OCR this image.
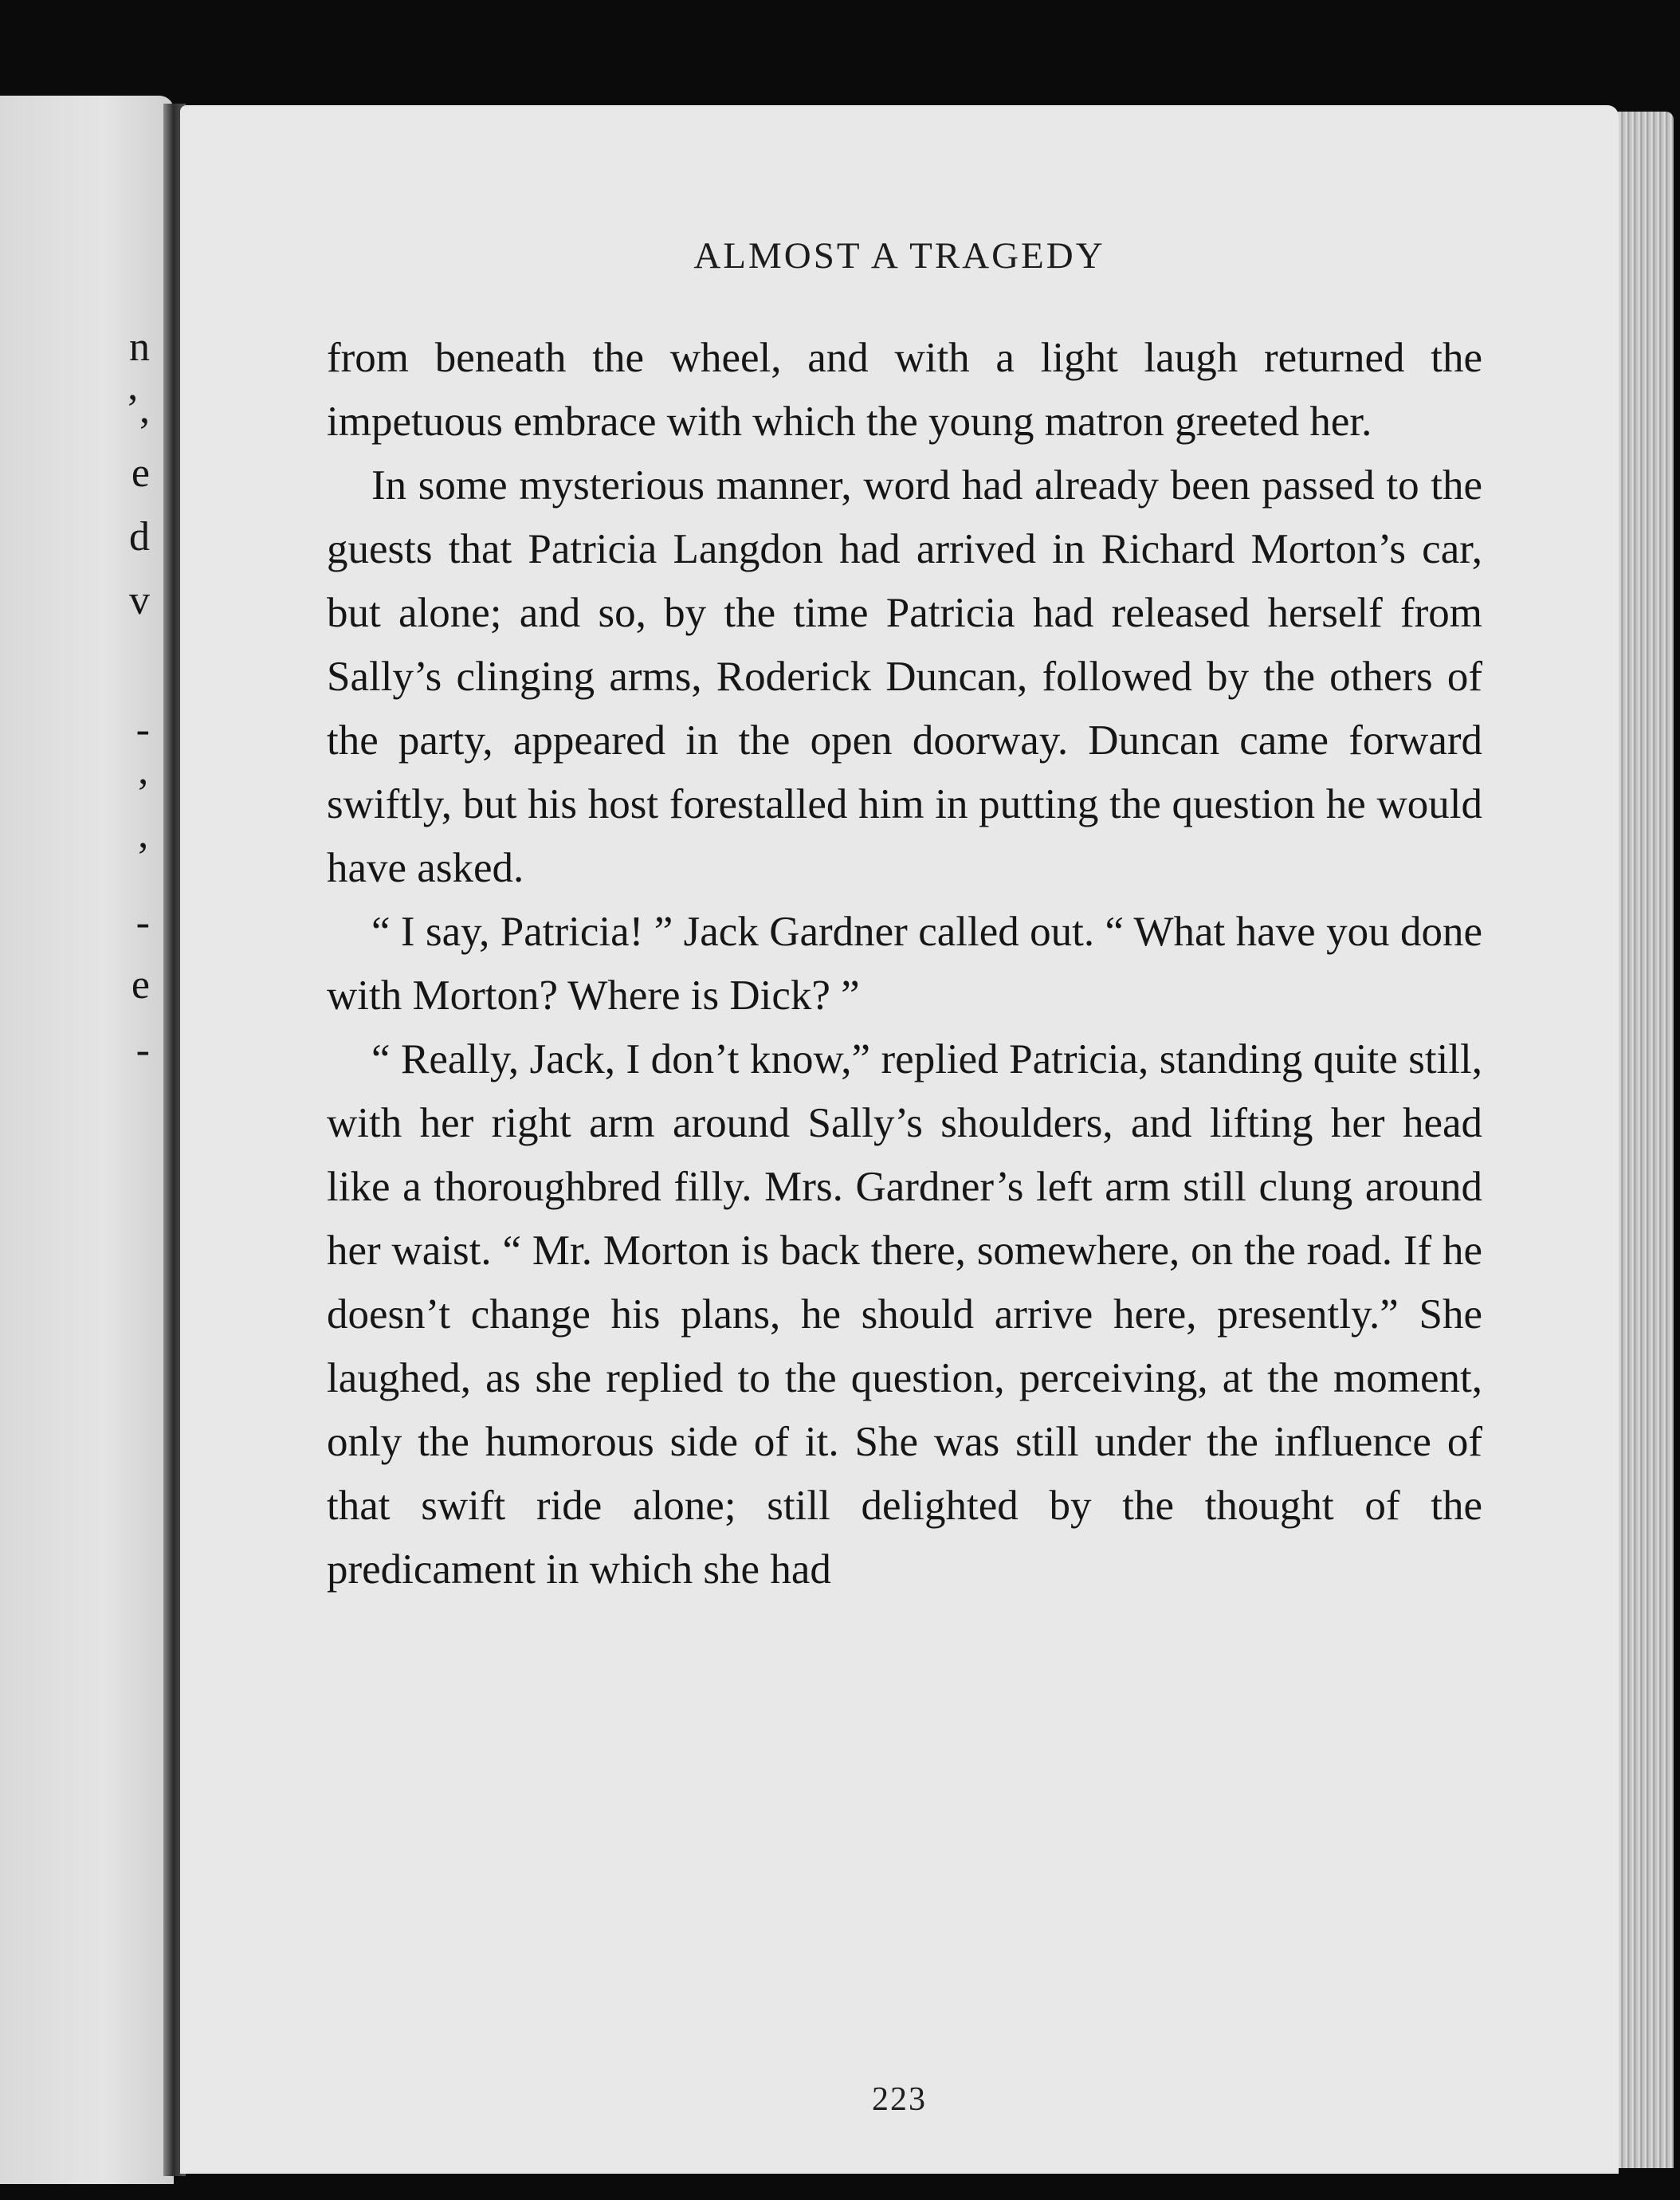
n
’,
e
d
v
-
’
’
-
e
-
ALMOST A TRAGEDY

from beneath the wheel, and with a light laugh returned the impetuous embrace with which the young matron greeted her.

In some mysterious manner, word had already been passed to the guests that Patricia Langdon had arrived in Richard Morton’s car, but alone; and so, by the time Patricia had released herself from Sally’s clinging arms, Roderick Duncan, followed by the others of the party, appeared in the open doorway. Duncan came forward swiftly, but his host forestalled him in putting the question he would have asked.

“ I say, Patricia! ” Jack Gardner called out. “ What have you done with Morton? Where is Dick? ”

“ Really, Jack, I don’t know,” replied Patricia, standing quite still, with her right arm around Sally’s shoulders, and lifting her head like a thoroughbred filly. Mrs. Gardner’s left arm still clung around her waist. “ Mr. Morton is back there, somewhere, on the road. If he doesn’t change his plans, he should arrive here, presently.” She laughed, as she replied to the question, perceiving, at the moment, only the humorous side of it. She was still under the influence of that swift ride alone; still delighted by the thought of the predicament in which she had

223
